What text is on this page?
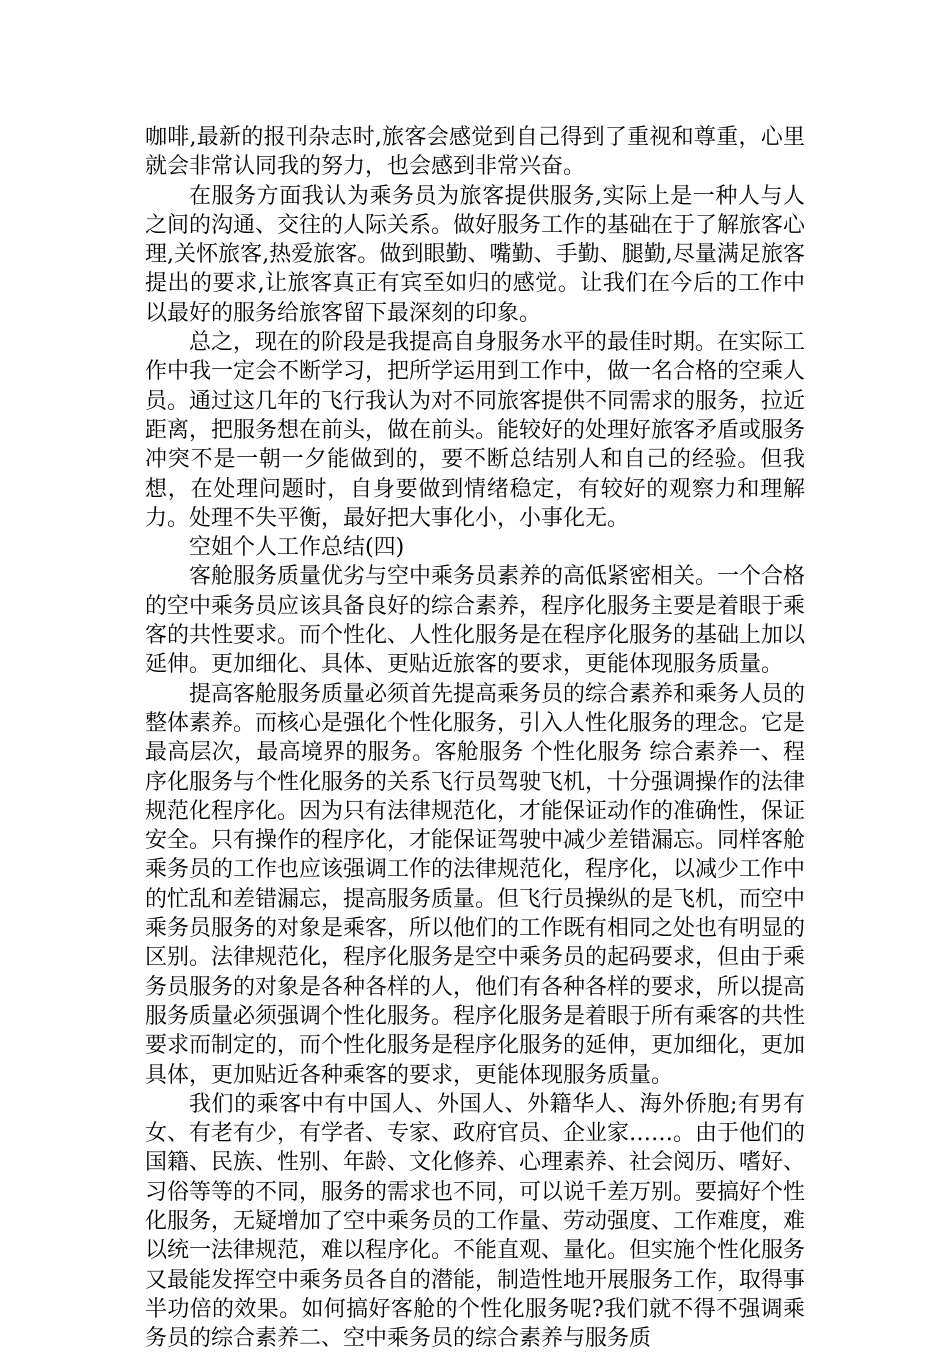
咖啡,最新的报刊杂志时,旅客会感觉到自己得到了重视和尊重，心里就会非常认同我的努力，也会感到非常兴奋。

在服务方面我认为乘务员为旅客提供服务,实际上是一种人与人之间的沟通、交往的人际关系。做好服务工作的基础在于了解旅客心理,关怀旅客,热爱旅客。做到眼勤、嘴勤、手勤、腿勤,尽量满足旅客提出的要求,让旅客真正有宾至如归的感觉。让我们在今后的工作中以最好的服务给旅客留下最深刻的印象。

总之，现在的阶段是我提高自身服务水平的最佳时期。在实际工作中我一定会不断学习，把所学运用到工作中，做一名合格的空乘人员。通过这几年的飞行我认为对不同旅客提供不同需求的服务，拉近距离，把服务想在前头，做在前头。能较好的处理好旅客矛盾或服务冲突不是一朝一夕能做到的，要不断总结别人和自己的经验。但我想，在处理问题时，自身要做到情绪稳定，有较好的观察力和理解力。处理不失平衡，最好把大事化小，小事化无。

空姐个人工作总结(四)

客舱服务质量优劣与空中乘务员素养的高低紧密相关。一个合格的空中乘务员应该具备良好的综合素养，程序化服务主要是着眼于乘客的共性要求。而个性化、人性化服务是在程序化服务的基础上加以延伸。更加细化、具体、更贴近旅客的要求，更能体现服务质量。

提高客舱服务质量必须首先提高乘务员的综合素养和乘务人员的整体素养。而核心是强化个性化服务，引入人性化服务的理念。它是最高层次，最高境界的服务。客舱服务 个性化服务 综合素养一、程序化服务与个性化服务的关系飞行员驾驶飞机，十分强调操作的法律规范化程序化。因为只有法律规范化，才能保证动作的准确性，保证安全。只有操作的程序化，才能保证驾驶中减少差错漏忘。同样客舱乘务员的工作也应该强调工作的法律规范化，程序化，以减少工作中的忙乱和差错漏忘，提高服务质量。但飞行员操纵的是飞机，而空中乘务员服务的对象是乘客，所以他们的工作既有相同之处也有明显的区别。法律规范化，程序化服务是空中乘务员的起码要求，但由于乘务员服务的对象是各种各样的人，他们有各种各样的要求，所以提高服务质量必须强调个性化服务。程序化服务是着眼于所有乘客的共性要求而制定的，而个性化服务是程序化服务的延伸，更加细化，更加具体，更加贴近各种乘客的要求，更能体现服务质量。

我们的乘客中有中国人、外国人、外籍华人、海外侨胞;有男有女、有老有少，有学者、专家、政府官员、企业家……。由于他们的国籍、民族、性别、年龄、文化修养、心理素养、社会阅历、嗜好、习俗等等的不同，服务的需求也不同，可以说千差万别。要搞好个性化服务，无疑增加了空中乘务员的工作量、劳动强度、工作难度，难以统一法律规范，难以程序化。不能直观、量化。但实施个性化服务又最能发挥空中乘务员各自的潜能，制造性地开展服务工作，取得事半功倍的效果。如何搞好客舱的个性化服务呢?我们就不得不强调乘务员的综合素养二、空中乘务员的综合素养与服务质
